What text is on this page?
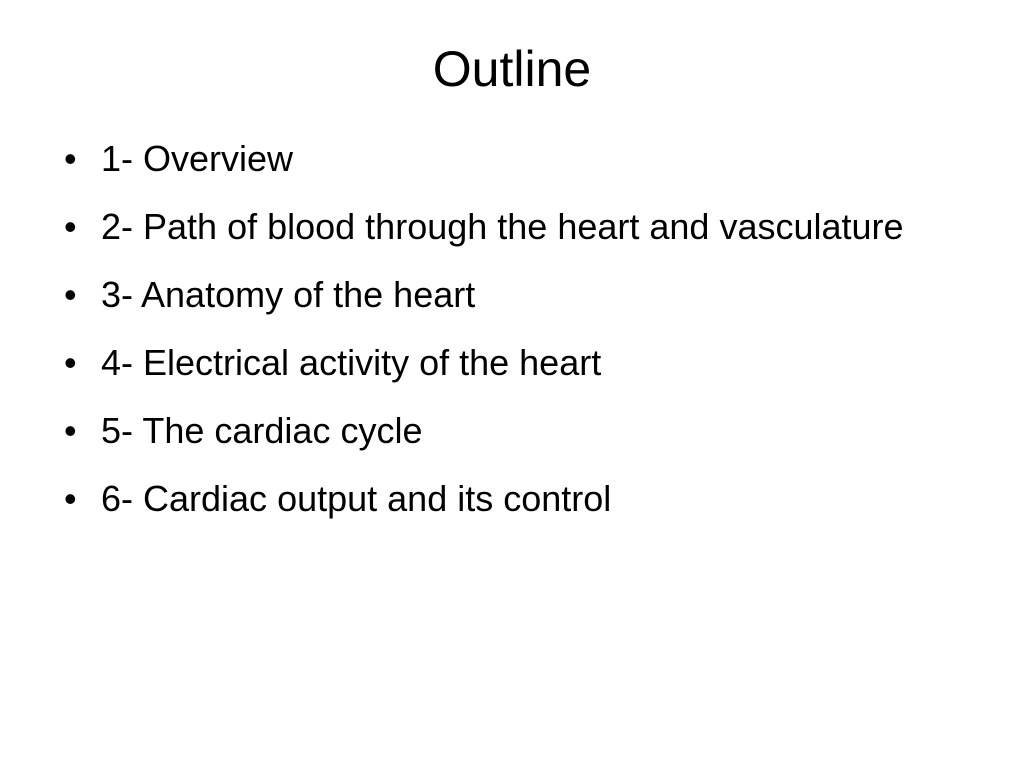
Outline
• 1- Overview
• 2- Path of blood through the heart and vasculature
• 3- Anatomy of the heart
• 4- Electrical activity of the heart
• 5- The cardiac cycle
• 6- Cardiac output and its control
